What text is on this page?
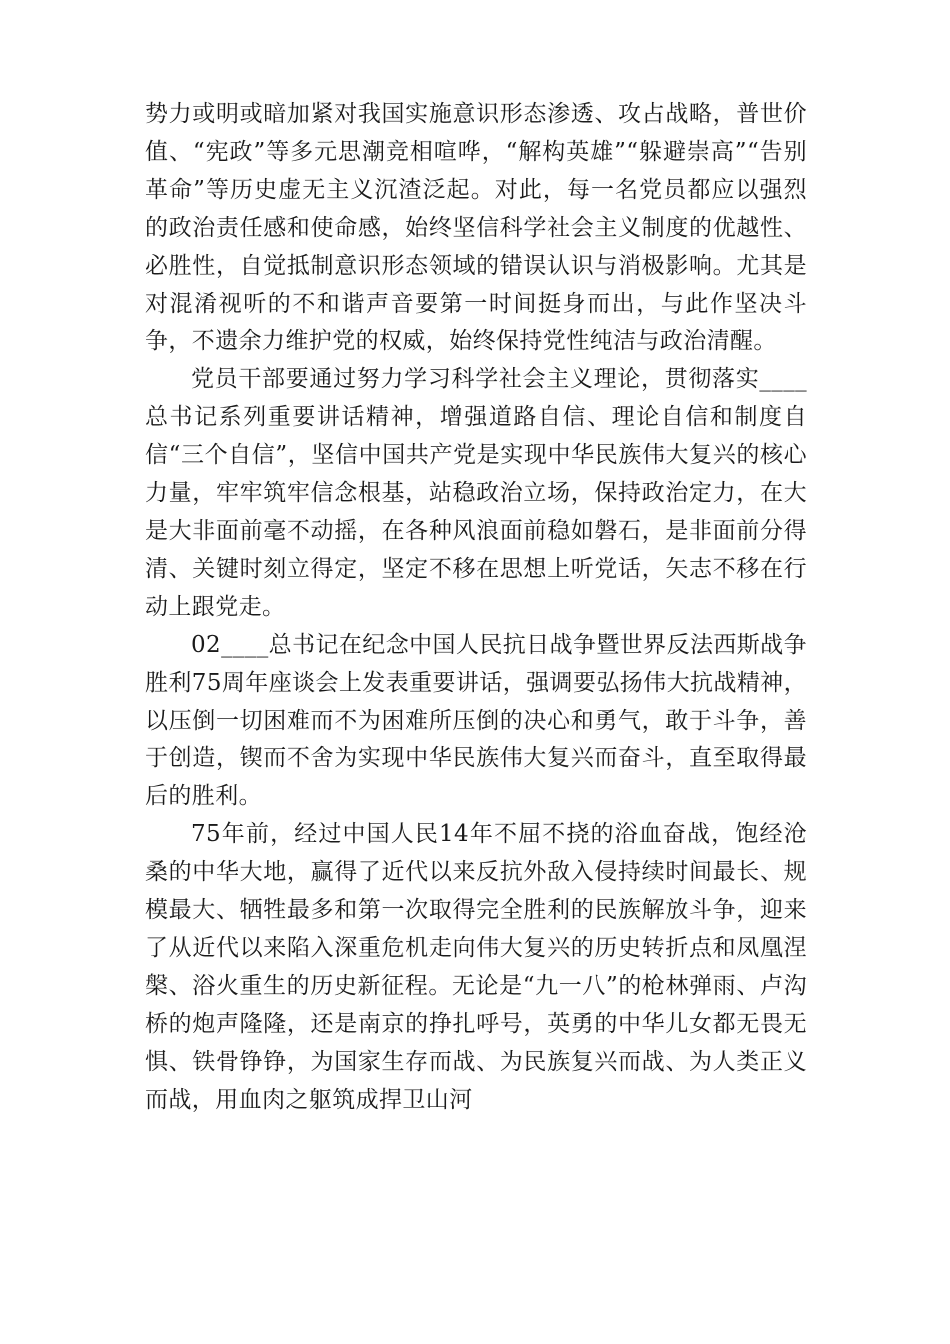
势力或明或暗加紧对我国实施意识形态渗透、攻占战略，普世价值、“宪政”等多元思潮竞相喧哗，“解构英雄”“躲避崇高”“告别革命”等历史虚无主义沉渣泛起。对此，每一名党员都应以强烈的政治责任感和使命感，始终坚信科学社会主义制度的优越性、必胜性，自觉抵制意识形态领域的错误认识与消极影响。尤其是对混淆视听的不和谐声音要第一时间挺身而出，与此作坚决斗争，不遗余力维护党的权威，始终保持党性纯洁与政治清醒。

党员干部要通过努力学习科学社会主义理论，贯彻落实____总书记系列重要讲话精神，增强道路自信、理论自信和制度自信“三个自信”，坚信中国共产党是实现中华民族伟大复兴的核心力量，牢牢筑牢信念根基，站稳政治立场，保持政治定力，在大是大非面前毫不动摇，在各种风浪面前稳如磐石，是非面前分得清、关键时刻立得定，坚定不移在思想上听党话，矢志不移在行动上跟党走。

02____总书记在纪念中国人民抗日战争暨世界反法西斯战争胜利75周年座谈会上发表重要讲话，强调要弘扬伟大抗战精神，以压倒一切困难而不为困难所压倒的决心和勇气，敢于斗争，善于创造，锲而不舍为实现中华民族伟大复兴而奋斗，直至取得最后的胜利。

75年前，经过中国人民14年不屈不挠的浴血奋战，饱经沧桑的中华大地，赢得了近代以来反抗外敌入侵持续时间最长、规模最大、牺牲最多和第一次取得完全胜利的民族解放斗争，迎来了从近代以来陷入深重危机走向伟大复兴的历史转折点和凤凰涅槃、浴火重生的历史新征程。无论是“九一八”的枪林弹雨、卢沟桥的炮声隆隆，还是南京的挣扎呼号，英勇的中华儿女都无畏无惧、铁骨铮铮，为国家生存而战、为民族复兴而战、为人类正义而战，用血肉之躯筑成捍卫山河
